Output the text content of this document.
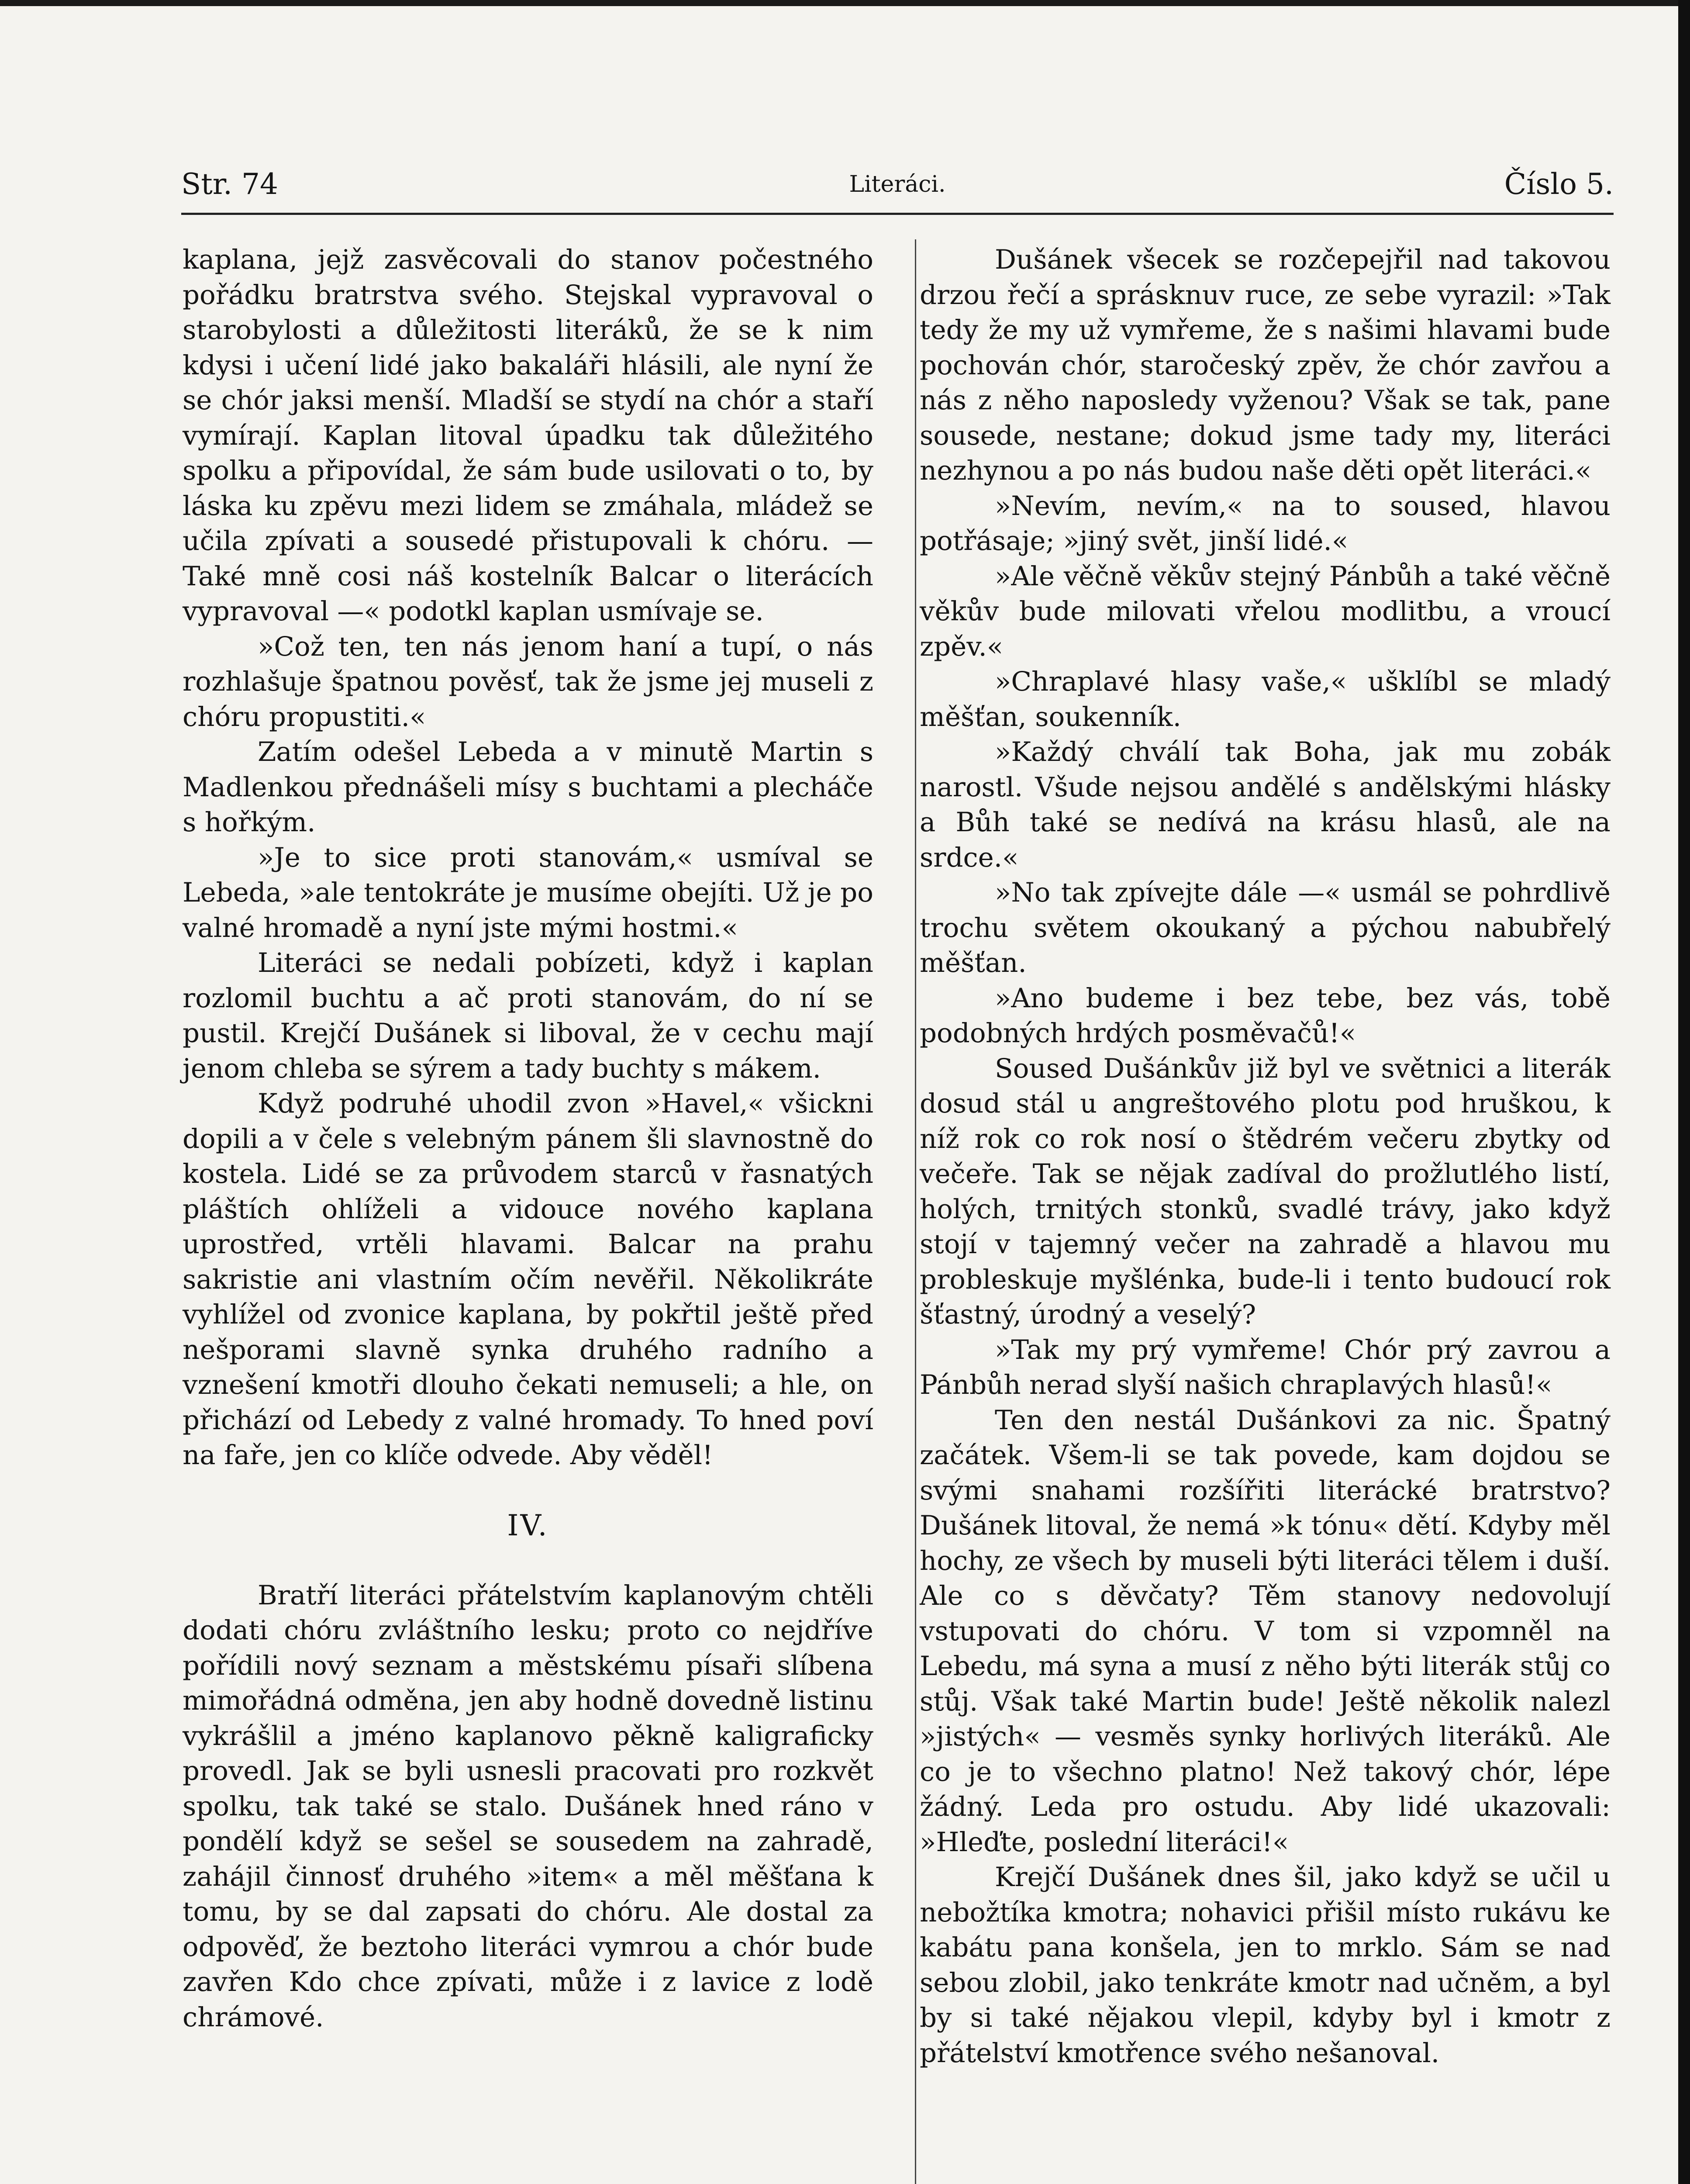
Str. 74	Literáci.	Číslo 5.

kaplana, jejž zasvěcovali do stanov počestného pořádku bratrstva svého. Stejskal vypravoval o starobylosti a důležitosti literáků, že se k nim kdysi i učení lidé jako bakaláři hlásili, ale nyní že se chór jaksi menší. Mladší se stydí na chór a staří vymírají. Kaplan litoval úpadku tak důležitého spolku a připovídal, že sám bude usilovati o to, by láska ku zpěvu mezi lidem se zmáhala, mládež se učila zpívati a sousedé přistupovali k chóru. — Také mně cosi náš kostelník Balcar o literácích vypravoval —« podotkl kaplan usmívaje se.

»Což ten, ten nás jenom haní a tupí, o nás rozhlašuje špatnou pověsť, tak že jsme jej museli z chóru propustiti.«

Zatím odešel Lebeda a v minutě Martin s Madlenkou přednášeli mísy s buchtami a plecháče s hořkým.

»Je to sice proti stanovám,« usmíval se Lebeda, »ale tentokráte je musíme obejíti. Už je po valné hromadě a nyní jste mými hostmi.«

Literáci se nedali pobízeti, když i kaplan rozlomil buchtu a ač proti stanovám, do ní se pustil. Krejčí Dušánek si liboval, že v cechu mají jenom chleba se sýrem a tady buchty s mákem.

Když podruhé uhodil zvon »Havel,« všickni dopili a v čele s velebným pánem šli slavnostně do kostela. Lidé se za průvodem starců v řasnatých pláštích ohlíželi a vidouce nového kaplana uprostřed, vrtěli hlavami. Balcar na prahu sakristie ani vlastním očím nevěřil. Několikráte vyhlížel od zvonice kaplana, by pokřtil ještě před nešporami slavně synka druhého radního a vznešení kmotři dlouho čekati nemuseli; a hle, on přichází od Lebedy z valné hromady. To hned poví na faře, jen co klíče odvede. Aby věděl!

IV.

Bratří literáci přátelstvím kaplanovým chtěli dodati chóru zvláštního lesku; proto co nejdříve pořídili nový seznam a městskému písaři slíbena mimořádná odměna, jen aby hodně dovedně listinu vykrášlil a jméno kaplanovo pěkně kaligraficky provedl. Jak se byli usnesli pracovati pro rozkvět spolku, tak také se stalo. Dušánek hned ráno v pondělí když se sešel se sousedem na zahradě, zahájil činnosť druhého »item« a měl měšťana k tomu, by se dal zapsati do chóru. Ale dostal za odpověď, že beztoho literáci vymrou a chór bude zavřen Kdo chce zpívati, může i z lavice z lodě chrámové.

Dušánek všecek se rozčepejřil nad takovou drzou řečí a sprásknuv ruce, ze sebe vyrazil: »Tak tedy že my už vymřeme, že s našimi hlavami bude pochován chór, staročeský zpěv, že chór zavřou a nás z něho naposledy vyženou? Však se tak, pane sousede, nestane; dokud jsme tady my, literáci nezhynou a po nás budou naše děti opět literáci.«

»Nevím, nevím,« na to soused, hlavou potřásaje; »jiný svět, jinší lidé.«

»Ale věčně věkův stejný Pánbůh a také věčně věkův bude milovati vřelou modlitbu, a vroucí zpěv.«

»Chraplavé hlasy vaše,« ušklíbl se mladý měšťan, soukenník.

»Každý chválí tak Boha, jak mu zobák narostl. Všude nejsou andělé s andělskými hlásky a Bůh také se nedívá na krásu hlasů, ale na srdce.«

»No tak zpívejte dále —« usmál se pohrdlivě trochu světem okoukaný a pýchou nabubřelý měšťan.

»Ano budeme i bez tebe, bez vás, tobě podobných hrdých posměvačů!«

Soused Dušánkův již byl ve světnici a literák dosud stál u angreštového plotu pod hruškou, k níž rok co rok nosí o štědrém večeru zbytky od večeře. Tak se nějak zadíval do prožlutlého listí, holých, trnitých stonků, svadlé trávy, jako když stojí v tajemný večer na zahradě a hlavou mu probleskuje myšlénka, bude-li i tento budoucí rok šťastný, úrodný a veselý?

»Tak my prý vymřeme! Chór prý zavrou a Pánbůh nerad slyší našich chraplavých hlasů!«

Ten den nestál Dušánkovi za nic. Špatný začátek. Všem-li se tak povede, kam dojdou se svými snahami rozšířiti literácké bratrstvo? Dušánek litoval, že nemá »k tónu« dětí. Kdyby měl hochy, ze všech by museli býti literáci tělem i duší. Ale co s děvčaty? Těm stanovy nedovolují vstupovati do chóru. V tom si vzpomněl na Lebedu, má syna a musí z něho býti literák stůj co stůj. Však také Martin bude! Ještě několik nalezl »jistých« — vesměs synky horlivých literáků. Ale co je to všechno platno! Než takový chór, lépe žádný. Leda pro ostudu. Aby lidé ukazovali: »Hleďte, poslední literáci!«

Krejčí Dušánek dnes šil, jako když se učil u nebožtíka kmotra; nohavici přišil místo rukávu ke kabátu pana konšela, jen to mrklo. Sám se nad sebou zlobil, jako tenkráte kmotr nad učněm, a byl by si také nějakou vlepil, kdyby byl i kmotr z přátelství kmotřence svého nešanoval.
